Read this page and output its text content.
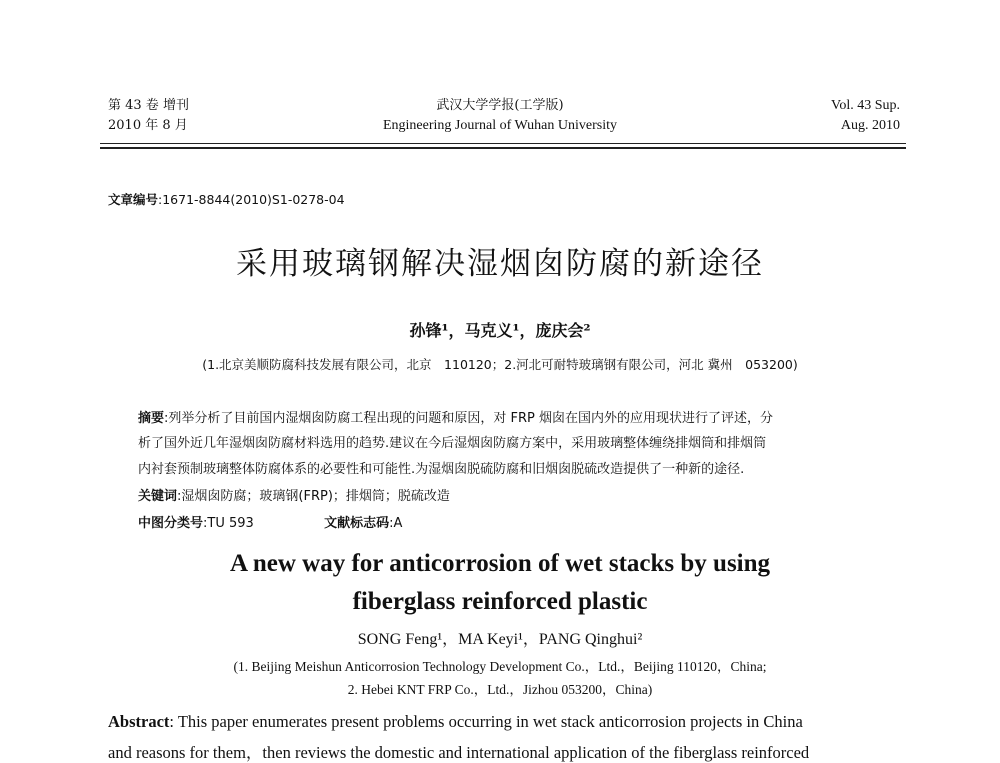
第 43 卷 增刊
2010 年 8 月
武汉大学学报(工学版)
Engineering Journal of Wuhan University
Vol. 43 Sup.
Aug. 2010
文章编号:1671-8844(2010)S1-0278-04
采用玻璃钢解决湿烟囱防腐的新途径
孙锋¹，马克义¹，庞庆会²
(1.北京美顺防腐科技发展有限公司，北京　110120；2.河北可耐特玻璃钢有限公司，河北 冀州　053200)
摘要:列举分析了目前国内湿烟囱防腐工程出现的问题和原因，对 FRP 烟囱在国内外的应用现状进行了评述，分
析了国外近几年湿烟囱防腐材料选用的趋势.建议在今后湿烟囱防腐方案中，采用玻璃整体缠绕排烟筒和排烟筒
内衬套预制玻璃整体防腐体系的必要性和可能性.为湿烟囱脱硫防腐和旧烟囱脱硫改造提供了一种新的途径.
关键词:湿烟囱防腐；玻璃钢(FRP)；排烟筒；脱硫改造
中图分类号:TU 593	文献标志码:A
A new way for anticorrosion of wet stacks by using
fiberglass reinforced plastic
SONG Feng¹，MA Keyi¹，PANG Qinghui²
(1. Beijing Meishun Anticorrosion Technology Development Co.，Ltd.，Beijing 110120，China;
2. Hebei KNT FRP Co.，Ltd.，Jizhou 053200，China)
Abstract: This paper enumerates present problems occurring in wet stack anticorrosion projects in China
and reasons for them，then reviews the domestic and international application of the fiberglass reinforced
